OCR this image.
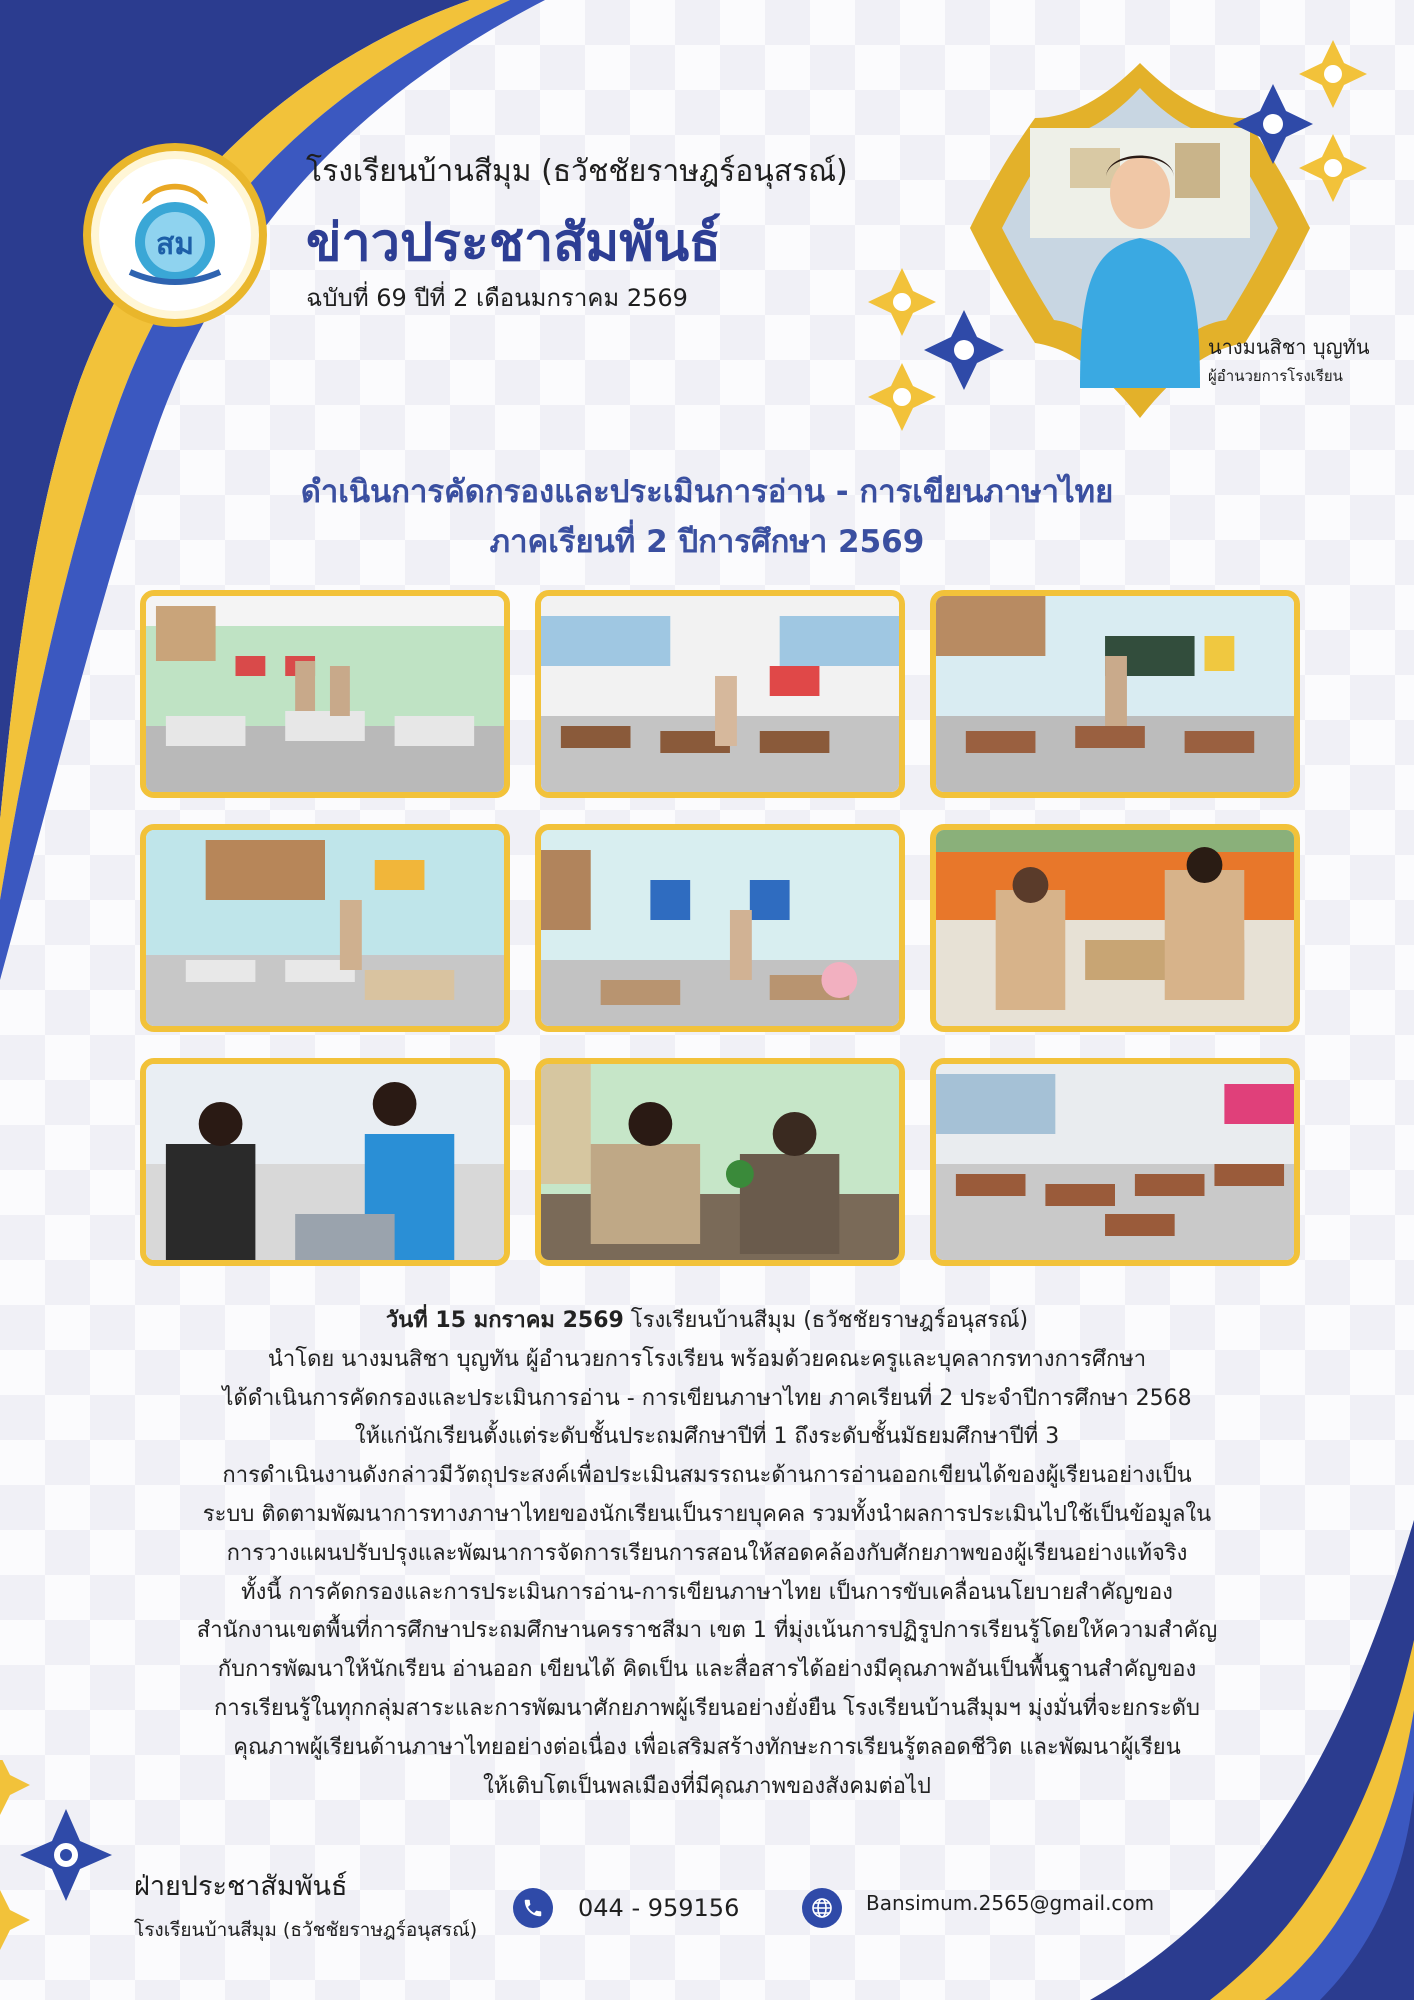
สม
โรงเรียนบ้านสีมุม (ธวัชชัยราษฎร์อนุสรณ์)
ข่าวประชาสัมพันธ์
ฉบับที่ 69 ปีที่ 2 เดือนมกราคม 2569
นางมนสิชา บุญทัน
ผู้อำนวยการโรงเรียน
ดำเนินการคัดกรองและประเมินการอ่าน - การเขียนภาษาไทย
ภาคเรียนที่ 2 ปีการศึกษา 2569
วันที่ 15 มกราคม 2569 โรงเรียนบ้านสีมุม (ธวัชชัยราษฎร์อนุสรณ์)
นำโดย นางมนสิชา บุญทัน ผู้อำนวยการโรงเรียน พร้อมด้วยคณะครูและบุคลากรทางการศึกษา
ได้ดำเนินการคัดกรองและประเมินการอ่าน - การเขียนภาษาไทย ภาคเรียนที่ 2 ประจำปีการศึกษา 2568
ให้แก่นักเรียนตั้งแต่ระดับชั้นประถมศึกษาปีที่ 1 ถึงระดับชั้นมัธยมศึกษาปีที่ 3
การดำเนินงานดังกล่าวมีวัตถุประสงค์เพื่อประเมินสมรรถนะด้านการอ่านออกเขียนได้ของผู้เรียนอย่างเป็น
ระบบ ติดตามพัฒนาการทางภาษาไทยของนักเรียนเป็นรายบุคคล รวมทั้งนำผลการประเมินไปใช้เป็นข้อมูลใน
การวางแผนปรับปรุงและพัฒนาการจัดการเรียนการสอนให้สอดคล้องกับศักยภาพของผู้เรียนอย่างแท้จริง
ทั้งนี้ การคัดกรองและการประเมินการอ่าน-การเขียนภาษาไทย เป็นการขับเคลื่อนนโยบายสำคัญของ
สำนักงานเขตพื้นที่การศึกษาประถมศึกษานครราชสีมา เขต 1 ที่มุ่งเน้นการปฏิรูปการเรียนรู้โดยให้ความสำคัญ
กับการพัฒนาให้นักเรียน อ่านออก เขียนได้ คิดเป็น และสื่อสารได้อย่างมีคุณภาพอันเป็นพื้นฐานสำคัญของ
การเรียนรู้ในทุกกลุ่มสาระและการพัฒนาศักยภาพผู้เรียนอย่างยั่งยืน โรงเรียนบ้านสีมุมฯ มุ่งมั่นที่จะยกระดับ
คุณภาพผู้เรียนด้านภาษาไทยอย่างต่อเนื่อง เพื่อเสริมสร้างทักษะการเรียนรู้ตลอดชีวิต และพัฒนาผู้เรียน
ให้เติบโตเป็นพลเมืองที่มีคุณภาพของสังคมต่อไป
ฝ่ายประชาสัมพันธ์
โรงเรียนบ้านสีมุม (ธวัชชัยราษฎร์อนุสรณ์)
044 - 959156	Bansimum.2565@gmail.com
